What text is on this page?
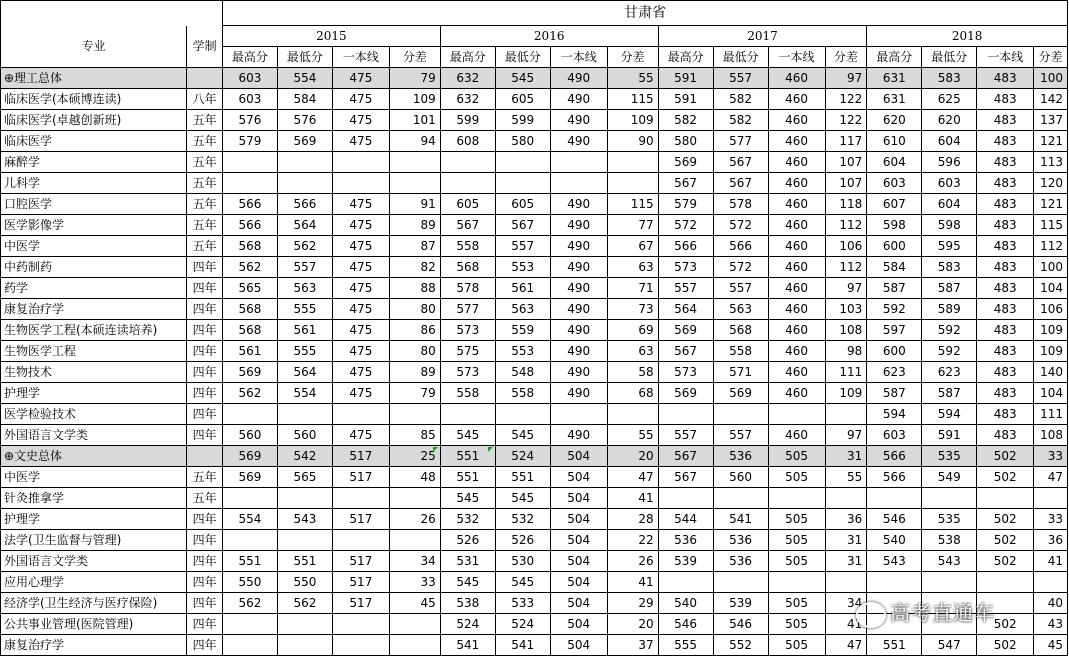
		甘肃省															
专业	学制	2015				2016				2017				2018			
		最高分	最低分	一本线	分差	最高分	最低分	一本线	分差	最高分	最低分	一本线	分差	最高分	最低分	一本线	分差
⊕理工总体		603	554	475	79	632	545	490	55	591	557	460	97	631	583	483	100
临床医学(本硕博连读)	八年	603	584	475	109	632	605	490	115	591	582	460	122	631	625	483	142
临床医学(卓越创新班)	五年	576	576	475	101	599	599	490	109	582	582	460	122	620	620	483	137
临床医学	五年	579	569	475	94	608	580	490	90	580	577	460	117	610	604	483	121
麻醉学	五年									569	567	460	107	604	596	483	113
儿科学	五年									567	567	460	107	603	603	483	120
口腔医学	五年	566	566	475	91	605	605	490	115	579	578	460	118	607	604	483	121
医学影像学	五年	566	564	475	89	567	567	490	77	572	572	460	112	598	598	483	115
中医学	五年	568	562	475	87	558	557	490	67	566	566	460	106	600	595	483	112
中药制药	四年	562	557	475	82	568	553	490	63	573	572	460	112	584	583	483	100
药学	四年	565	563	475	88	578	561	490	71	557	557	460	97	587	587	483	104
康复治疗学	四年	568	555	475	80	577	563	490	73	564	563	460	103	592	589	483	106
生物医学工程(本硕连读培养)	四年	568	561	475	86	573	559	490	69	569	568	460	108	597	592	483	109
生物医学工程	四年	561	555	475	80	575	553	490	63	567	558	460	98	600	592	483	109
生物技术	四年	569	564	475	89	573	548	490	58	573	571	460	111	623	623	483	140
护理学	四年	562	554	475	79	558	558	490	68	569	569	460	109	587	587	483	104
医学检验技术	四年													594	594	483	111
外国语言文学类	四年	560	560	475	85	545	545	490	55	557	557	460	97	603	591	483	108
⊕文史总体		569	542	517	25	551	524	504	20	567	536	505	31	566	535	502	33
中医学	五年	569	565	517	48	551	551	504	47	567	560	505	55	566	549	502	47
针灸推拿学	五年					545	545	504	41								
护理学	四年	554	543	517	26	532	532	504	28	544	541	505	36	546	535	502	33
法学(卫生监督与管理)	四年					526	526	504	22	536	536	505	31	540	538	502	36
外国语言文学类	四年	551	551	517	34	531	530	504	26	539	536	505	31	543	543	502	41
应用心理学	四年	550	550	517	33	545	545	504	41								
经济学(卫生经济与医疗保险)	四年	562	562	517	45	538	533	504	29	540	539	505	34				40
公共事业管理(医院管理)	四年					524	524	504	20	546	546	505	41			502	43
康复治疗学	四年					541	541	504	37	555	552	505	47	551	547	502	45
高考直通车
